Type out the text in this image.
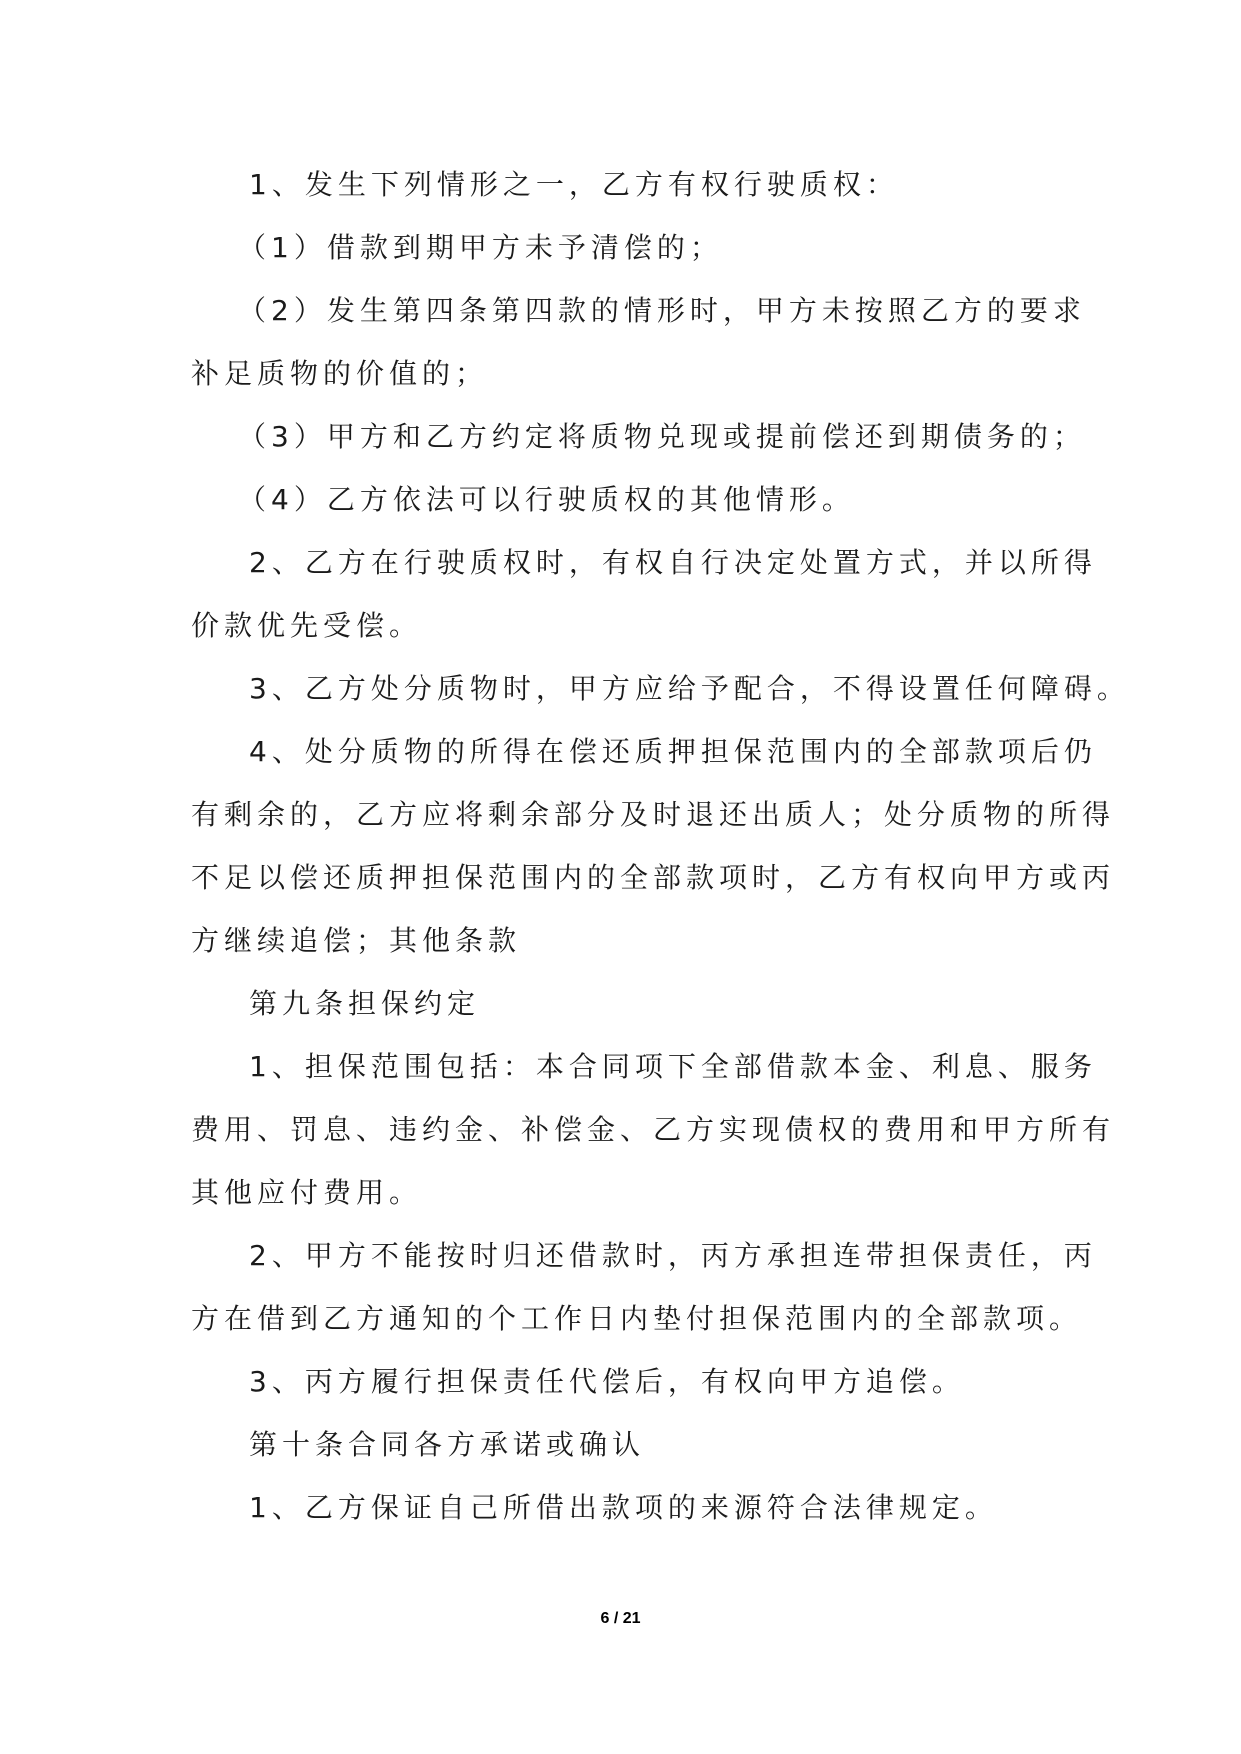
1、发生下列情形之一，乙方有权行驶质权：
（1）借款到期甲方未予清偿的；
（2）发生第四条第四款的情形时，甲方未按照乙方的要求
补足质物的价值的；
（3）甲方和乙方约定将质物兑现或提前偿还到期债务的；
（4）乙方依法可以行驶质权的其他情形。
2、乙方在行驶质权时，有权自行决定处置方式，并以所得
价款优先受偿。
3、乙方处分质物时，甲方应给予配合，不得设置任何障碍。
4、处分质物的所得在偿还质押担保范围内的全部款项后仍
有剩余的，乙方应将剩余部分及时退还出质人；处分质物的所得
不足以偿还质押担保范围内的全部款项时，乙方有权向甲方或丙
方继续追偿；其他条款
第九条担保约定
1、担保范围包括：本合同项下全部借款本金、利息、服务
费用、罚息、违约金、补偿金、乙方实现债权的费用和甲方所有
其他应付费用。
2、甲方不能按时归还借款时，丙方承担连带担保责任，丙
方在借到乙方通知的个工作日内垫付担保范围内的全部款项。
3、丙方履行担保责任代偿后，有权向甲方追偿。
第十条合同各方承诺或确认
1、乙方保证自己所借出款项的来源符合法律规定。
6 / 21
